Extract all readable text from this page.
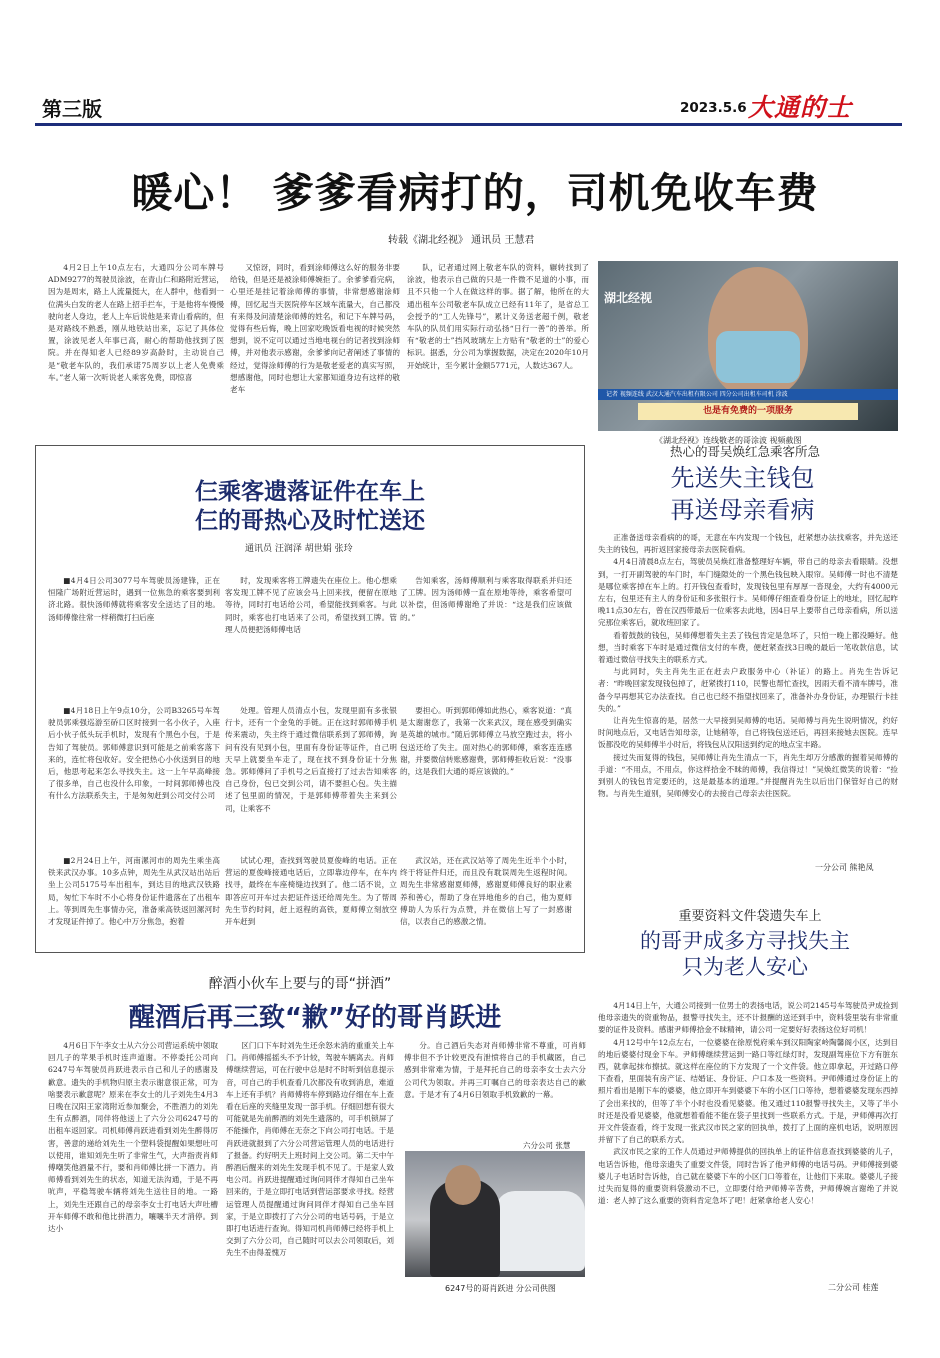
第三版	2023.5.6 大通的士
暖心！ 爹爹看病打的，司机免收车费
转载《湖北经视》 通讯员 王慧君

4月2日上午10点左右，大通四分公司车牌号ADM9277的驾驶员涂波，在青山仁和路附近营运，因为是周末，路上人流量挺大，在人群中，他看到一位满头白发的老人在路上招手拦车，于是他将车慢慢驶向老人身边，老人上车后说他是来青山看病的，但是对路线不熟悉，刚从地铁站出来，忘记了具体位置，涂波见老人年事已高，耐心的帮助他找到了医院。并在得知老人已经89岁高龄时，主动说自己是“敬老车队的，我们承诺75周岁以上老人免费乘车。”老人第一次听说老人乘客免费，即惊喜

又惊讶，同时，看到涂师傅这么好的服务非要给钱，但是还是被涂师傅婉拒了。余爹爹看完病，心里还是挂记着涂师傅的事情，非常想感谢涂师傅，回忆起当天医院停车区域车流量大，自己都没有来得及问清楚涂师傅的姓名，和记下车牌号码，觉得有些后悔，晚上回家吃晚饭看电视的时候突然想到，说不定可以通过当地电视台的记者找到涂师傅，并对他表示感谢，余爹爹向记者阐述了事情的经过，觉得涂师傅的行为是敬老爱老的真实写照，想感谢他，同时也想让大家都知道身边有这样的敬老车

队，记者通过网上敬老车队的资料，辗转找到了涂波，他表示自己做的只是一件微不足道的小事，而且不只他一个人在做这样的事。据了解，他所在的大通出租车公司敬老车队成立已经有11年了，是省总工会授予的“工人先锋号”，累计义务送老超千例，敬老车队的队员们用实际行动弘扬“日行一善”的善举。所有“敬老的士”挡风玻璃左上方贴有“敬老的士”的爱心标识。据悉，分公司为掌握数据，决定在2020年10月开始统计，至今累计金额5771元，人数达367人。

湖北经视
记者 视频连线 武汉大通汽车出租有限公司 四分公司出租车司机 涂波
也是有免费的一项服务
《湖北经视》连线敬老的哥涂波 视频截图
仨乘客遗落证件在车上
仨的哥热心及时忙送还
通讯员 汪润泽 胡世娟 张玲

■4月4日公司3077号车驾驶员汤建锋，正在恒隆广场附近营运时，遇到一位焦急的乘客要到利济北路。很快汤师傅就将乘客安全送达了目的地。汤师傅像往常一样稍微打扫后座

时，发现乘客将工牌遗失在座位上。他心想乘客发现工牌不见了应该会马上回来找，便留在原地等待，同时打电话给公司，希望能找到乘客。与此同时，乘客也打电话来了公司，希望找到工牌。管理人员便把汤师傅电话

告知乘客，汤师傅顺利与乘客取得联系并归还了工牌。因为汤师傅一直在原地等待，乘客希望可以补偿，但汤师傅谢绝了并说：“这是我们应该做的。”

■4月18日上午9点10分，公司B3265号车驾驶员郭乘强巡游至硚口区时接到一名小伙子，入座后小伙子低头玩手机时，发现有个黑色小包，于是告知了驾驶员。郭师傅意识到可能是之前乘客落下来的，连忙将包收好。安全把热心小伙送到目的地后，他思考起来怎么寻找失主。这一上午早高峰接了很多单，自己也没什么印象，一时间郭师傅也没有什么方法联系失主，于是匆匆赶到公司交付公司

处理。管理人员清点小包，发现里面有多张银行卡，还有一个金兔的手链。正在这时郭师傅手机传来震动，失主终于通过微信联系到了郭师傅，询问有没有见到小包，里面有身份证等证件，自己明天早上就要坐车走了，现在找不到身份证十分焦急。郭师傅问了手机号之后直接打了过去告知乘客自己身份，包已交到公司，请不要担心包。失主描述了包里面的情况，于是郭师傅带着失主来到公司，让乘客不

要担心。听到郭师傅如此热心，乘客说道：“真是太谢谢您了，我第一次来武汉，现在感受到确实是英雄的城市。”随后郭师傅立马放空跑过去，将小包送还给了失主。面对热心的郭师傅，乘客连连感谢，并要微信转账感谢费，郭师傅拒收后说：“没事的，这是我们大通的哥应该做的。”

■2月24日上午，河南漯河市的周先生乘坐高铁来武汉办事。10多点钟，周先生从武汉站出站后坐上公司5175号车出租车，到达目的地武汉铁路局，匆忙下车时不小心将身份证件遗落在了出租车上。等到周先生事情办完，准备乘高铁返回漯河时才发现证件掉了。他心中万分焦急，抱着

试试心理，查找到驾驶员夏俊峰的电话。正在营运的夏俊峰接通电话后，立即靠边停车，在车内找寻，最终在车座椅缝边找到了。他二话不说，立即答应可开车过去把证件送还给周先生。为了帮周先生节约时间，赶上返程的高铁，夏师傅立刻放空开车赶到

武汉站，还在武汉站等了周先生近半个小时，终于将证件归还，而且没有耽误周先生返程时间。周先生非常感谢夏师傅，感谢夏师傅良好的职业素养和善心，帮助了身在异地他乡的自己，他为夏师傅助人为乐行为点赞，并在微信上写了一封感谢信，以表自己的感激之情。

热心的哥吴焕红急乘客所急
先送失主钱包
再送母亲看病

正准备送母亲看病的的哥，无意在车内发现一个钱包，赶紧想办法找乘客，并先送还失主的钱包，再折返回家接母亲去医院看病。

4月4日清晨8点左右，驾驶员吴焕红准备整理好车辆，带自己的母亲去看眼睛。没想到，一打开副驾驶的车门时，车门缝隙处的一个黑色钱包映入眼帘。吴师傅一时也不清楚是哪位乘客掉在车上的。打开钱包查看时，发现钱包里有厚厚一沓现金，大约有4000元左右，包里还有主人的身份证和多张银行卡。吴师傅仔细查看身份证上的地址，回忆起昨晚11点30左右，曾在汉西带最后一位乘客去此地，因4日早上要带自己母亲看病，所以送完那位乘客后，就收班回家了。

看着鼓鼓的钱包，吴师傅想着失主丢了钱包肯定是急坏了，只怕一晚上都没睡好。他想，当时乘客下车时是通过微信支付的车费，便赶紧查找3日晚的最后一笔收款信息，试着通过微信寻找失主的联系方式。

与此同时，失主肖先生正在赶去户政服务中心（补证）的路上。肖先生告诉记者：“昨晚回家发现钱包掉了，赶紧拨打110，民警也帮忙查找，因雨天看不清车牌号，准备今早再想其它办法查找。自己也已经不指望找回来了，准备补办身份证，办理银行卡挂失的。”

让肖先生惊喜的是，居然一大早接到吴师傅的电话。吴师傅与肖先生说明情况，约好时间地点后，又电话告知母亲，让她稍等，自己将钱包送还后，再回来接她去医院。连早饭都没吃的吴师傅半小时后，将钱包从汉阳送到约定的地点宝丰路。

接过失而复得的钱包，吴师傅让肖先生清点一下，肖先生却万分感激的握着吴师傅的手道：“不用点，不用点，你这样拾金不昧的师傅，我信得过！”吴焕红微笑的说着：“捡到别人的钱包肯定要还的，这是最基本的道理。”并提醒肖先生以后出门保管好自己的财物。与肖先生道别，吴师傅安心的去接自己母亲去往医院。

一分公司 熊艳凤
重要资料文件袋遗失车上
的哥尹成多方寻找失主
只为老人安心

4月14日上午，大通公司接到一位男士的表扬电话，说公司2145号车驾驶员尹成捡到他母亲遗失的资重物品，报警寻找失主，还不计报酬的送还到手中，资料袋里装有非常重要的证件及资料。感谢尹师傅拾金不昧精神，请公司一定要好好表扬这位好司机！

4月12号中午12点左右，一位婆婆在徐原悦府乘车到汉阳陶家岭陶馨阁小区，达到目的地后婆婆付现金下车。尹师傅继续营运到一路口等红绿灯时，发现副驾座位下方有脏东西，就拿起抹布擦拭。就这样在座位的下方发现了一个文件袋。他立即拿起，开过路口停下查看，里面装有房产证、结婚证、身份证、户口本及一些资料。尹师傅通过身份证上的照片看出是刚下车的婆婆，他立即开车到婆婆下车的小区门口等待，想着婆婆发现东西掉了会出来找的，但等了半个小时也没看见婆婆。他又通过110报警寻找失主，又等了半小时还是没看见婆婆，他就想着看能不能在袋子里找到一些联系方式。于是，尹师傅再次打开文件袋查看，终于发现一张武汉市民之家的回执单，拨打了上面的座机电话，说明原因并留下了自己的联系方式。

武汉市民之家的工作人员通过尹师傅提供的回执单上的证件信息查找到婆婆的儿子，电话告诉他，他母亲遗失了重要文件袋，同时告诉了他尹师傅的电话号码。尹师傅接到婆婆儿子电话时告诉他，自己就在婆婆下车的小区门口等着在，让他们下来取。婆婆儿子接过失而复得的重要资料袋激动不已，立即要付给尹师傅辛苦费，尹师傅婉言谢绝了并说道：老人掉了这么重要的资料肯定急坏了吧！赶紧拿给老人安心！

二分公司 桂莲
醉酒小伙车上要与的哥“拼酒”
醒酒后再三致“歉”好的哥肖跃进

4月6日下午李女士从六分公司营运系统中领取回几子的苹果手机时连声道谢。不停委托公司向6247号车驾驶员肖跃进表示自己和儿子的感谢及歉意。遗失的手机物归原主表示谢意很正常，可为啥要表示歉意呢？原来在李女士的儿子刘先生4月3日晚在汉阳王家湾附近参加聚会，不胜酒力的刘先生有点醉酒，同伴将他送上了六分公司6247号的出租车返回家。司机师傅肖跃进看到刘先生醉得厉害，善意的递给刘先生一个塑料袋提醒如果想吐可以使用，谁知刘先生听了非常生气，大声指责肖师傅嘲笑他酒量不行，要和肖师傅比拼一下酒力。肖师傅看到刘先生的状态，知道无法沟通，于是不再吭声，平稳驾驶车辆将刘先生送往目的地。一路上，刘先生还跟自己的母亲李女士打电话大声吐槽开车师傅不敢和他比拼酒力，嚷嚷半天才消停。到达小

区门口下车时刘先生还余怒未消的重重关上车门。肖师傅摇摇头不予计较，驾驶车辆离去。肖师傅继续营运，可在行驶中总是时不时听到信息提示音，可自己的手机查看几次都没有收到消息，难道车上还有手机？肖师傅将车停到路边仔细在车上查看在后座的夹缝里发现一部手机。仔细回想有很大可能就是先前醉酒的刘先生遗落的，可手机锁屏了不能操作，肖师傅在无奈之下向公司打电话。于是肖跃进就报到了六分公司营运管理人员的电话进行了报备。约好明天上班时间上交公司。第二天中午醉酒后醒来的刘先生发现手机不见了。于是家人致电公司。肖跃进提醒通过询问同伴才得知自己坐车回来的，于是立即打电话到营运部要求寻找。经营运管理人员提醒通过询问同伴才得知自己坐车回家，于是立即拨打了六分公司的电话号码，于是立即打电话进行查询。得知司机肖师傅已经将手机上交到了六分公司，自己随时可以去公司领取后，刘先生不由得羞愧万

分。自己酒后失态对肖师傅非常不尊重，可肖师傅非但不予计较更没有泄愤将自己的手机藏匿，自己感到非常难为情，于是拜托自己的母亲李女士去六分公司代为领取。并再三叮嘱自己的母亲表达自己的歉意。于是才有了4月6日领取手机致歉的一幕。

六分公司 张慧
6247号的哥肖跃进 分公司供图
